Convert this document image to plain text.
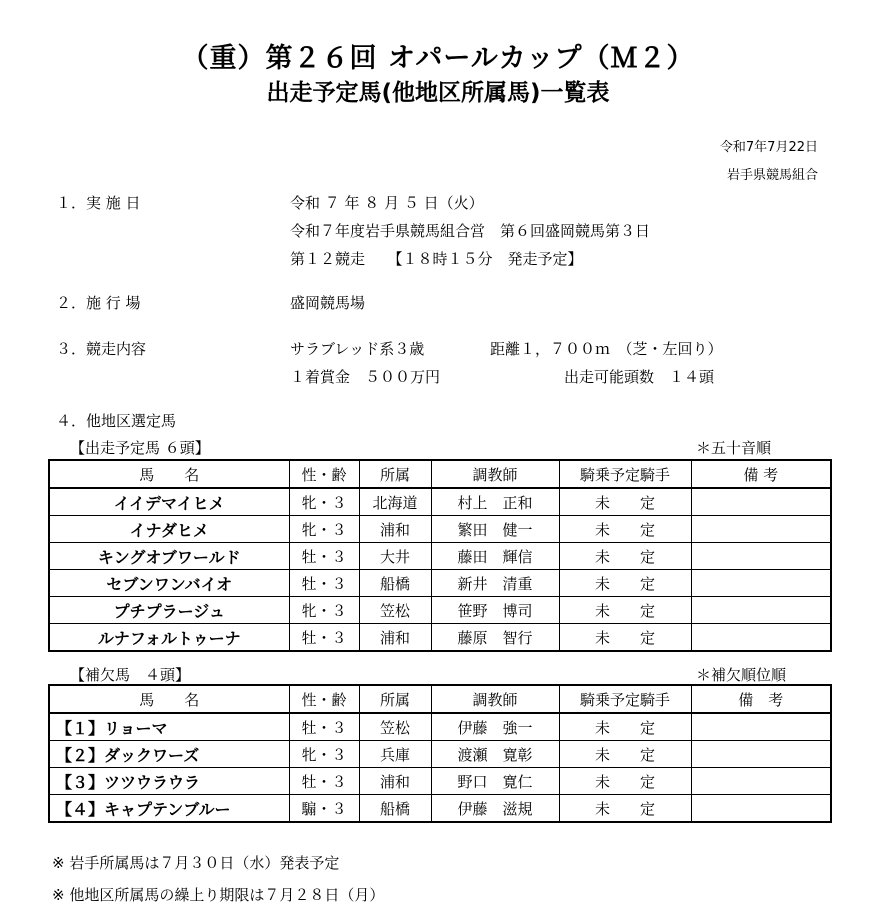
（重）第２６回 オパールカップ（Ｍ２）
出走予定馬(他地区所属馬)一覧表
令和7年7月22日
岩手県競馬組合
１．実 施 日	令和 ７ 年 ８ 月 ５ 日（火）
令和７年度岩手県競馬組合営　第６回盛岡競馬第３日
第１２競走　　【１８時１５分　発走予定】
２．施 行 場	盛岡競馬場
３．競走内容	サラブレッド系３歳	距離１，７００ｍ　（芝・左回り）
１着賞金　５００万円	出走可能頭数　１４頭
４．他地区選定馬
【出走予定馬 ６頭】	＊五十音順
馬　　名	性・齢	所属	調教師	騎乗予定騎手	備 考
イイデマイヒメ	牝・３	北海道	村上　正和	未　　定	
イナダヒメ	牝・３	浦和	繁田　健一	未　　定	
キングオブワールド	牡・３	大井	藤田　輝信	未　　定	
セブンワンバイオ	牡・３	船橋	新井　清重	未　　定	
プチプラージュ	牝・３	笠松	笹野　博司	未　　定	
ルナフォルトゥーナ	牡・３	浦和	藤原　智行	未　　定	
【補欠馬　４頭】	＊補欠順位順
馬　　名	性・齢	所属	調教師	騎乗予定騎手	備　考
【１】リョーマ	牡・３	笠松	伊藤　強一	未　　定	
【２】ダックワーズ	牝・３	兵庫	渡瀬　寛彰	未　　定	
【３】ツツウラウラ	牡・３	浦和	野口　寛仁	未　　定	
【４】キャプテンブルー	騸・３	船橋	伊藤　滋規	未　　定	
※ 岩手所属馬は７月３０日（水）発表予定
※ 他地区所属馬の繰上り期限は７月２８日（月）
